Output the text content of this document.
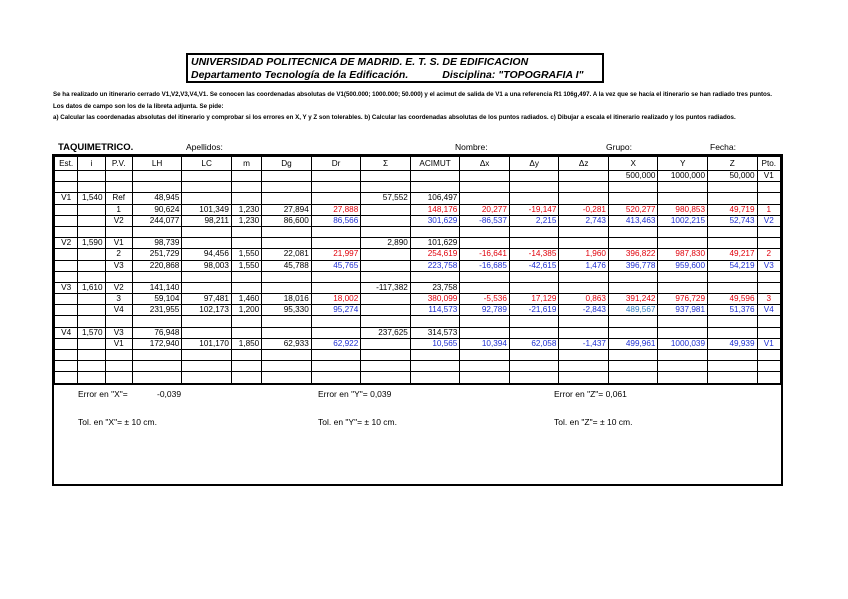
UNIVERSIDAD POLITECNICA DE MADRID. E. T. S. DE EDIFICACION
Departamento Tecnología de la Edificación.	Disciplina: "TOPOGRAFIA I"
Se ha realizado un itinerario cerrado V1,V2,V3,V4,V1. Se conocen las coordenadas absolutas de V1(500.000; 1000.000; 50.000) y el acimut de salida de V1 a una referencia R1 106g,497. A la vez que se hacía el itinerario se han radiado tres puntos. Los datos de campo son los de la libreta adjunta. Se pide:
a) Calcular las coordenadas absolutas del itinerario y comprobar si los errores en X, Y y Z son tolerables. b) Calcular las coordenadas absolutas de los puntos radiados. c) Dibujar a escala el itinerario realizado y los puntos radiados.
TAQUIMETRICO.	Apellidos:	Nombre:	Grupo:	Fecha:
Est.	i	P.V.	LH	LC	m	Dg	Dr	Σ	ACIMUT	Δx	Δy	Δz	X	Y	Z	Pto.
													500,000	1000,000	50,000	V1

V1	1,540	Ref	48,945					57,552	106,497							
		1	90,624	101,349	1,230	27,894	27,888		148,176	20,277	-19,147	-0,281	520,277	980,853	49,719	1
		V2	244,077	98,211	1,230	86,600	86,566		301,629	-86,537	2,215	2,743	413,463	1002,215	52,743	V2

V2	1,590	V1	98,739					2,890	101,629							
		2	251,729	94,456	1,550	22,081	21,997		254,619	-16,641	-14,385	1,960	396,822	987,830	49,217	2
		V3	220,868	98,003	1,550	45,788	45,765		223,758	-16,685	-42,615	1,476	396,778	959,600	54,219	V3

V3	1,610	V2	141,140					-117,382	23,758							
		3	59,104	97,481	1,460	18,016	18,002		380,099	-5,536	17,129	0,863	391,242	976,729	49,596	3
		V4	231,955	102,173	1,200	95,330	95,274		114,573	92,789	-21,619	-2,843	489,567	937,981	51,376	V4

V4	1,570	V3	76,948					237,625	314,573							
		V1	172,940	101,170	1,850	62,933	62,922		10,565	10,394	62,058	-1,437	499,961	1000,039	49,939	V1

Error en "X"=	-0,039	Error en "Y"= 0,039	Error en "Z"= 0,061
Tol. en "X"= ± 10 cm.	Tol. en "Y"= ± 10 cm.	Tol. en "Z"= ± 10 cm.
